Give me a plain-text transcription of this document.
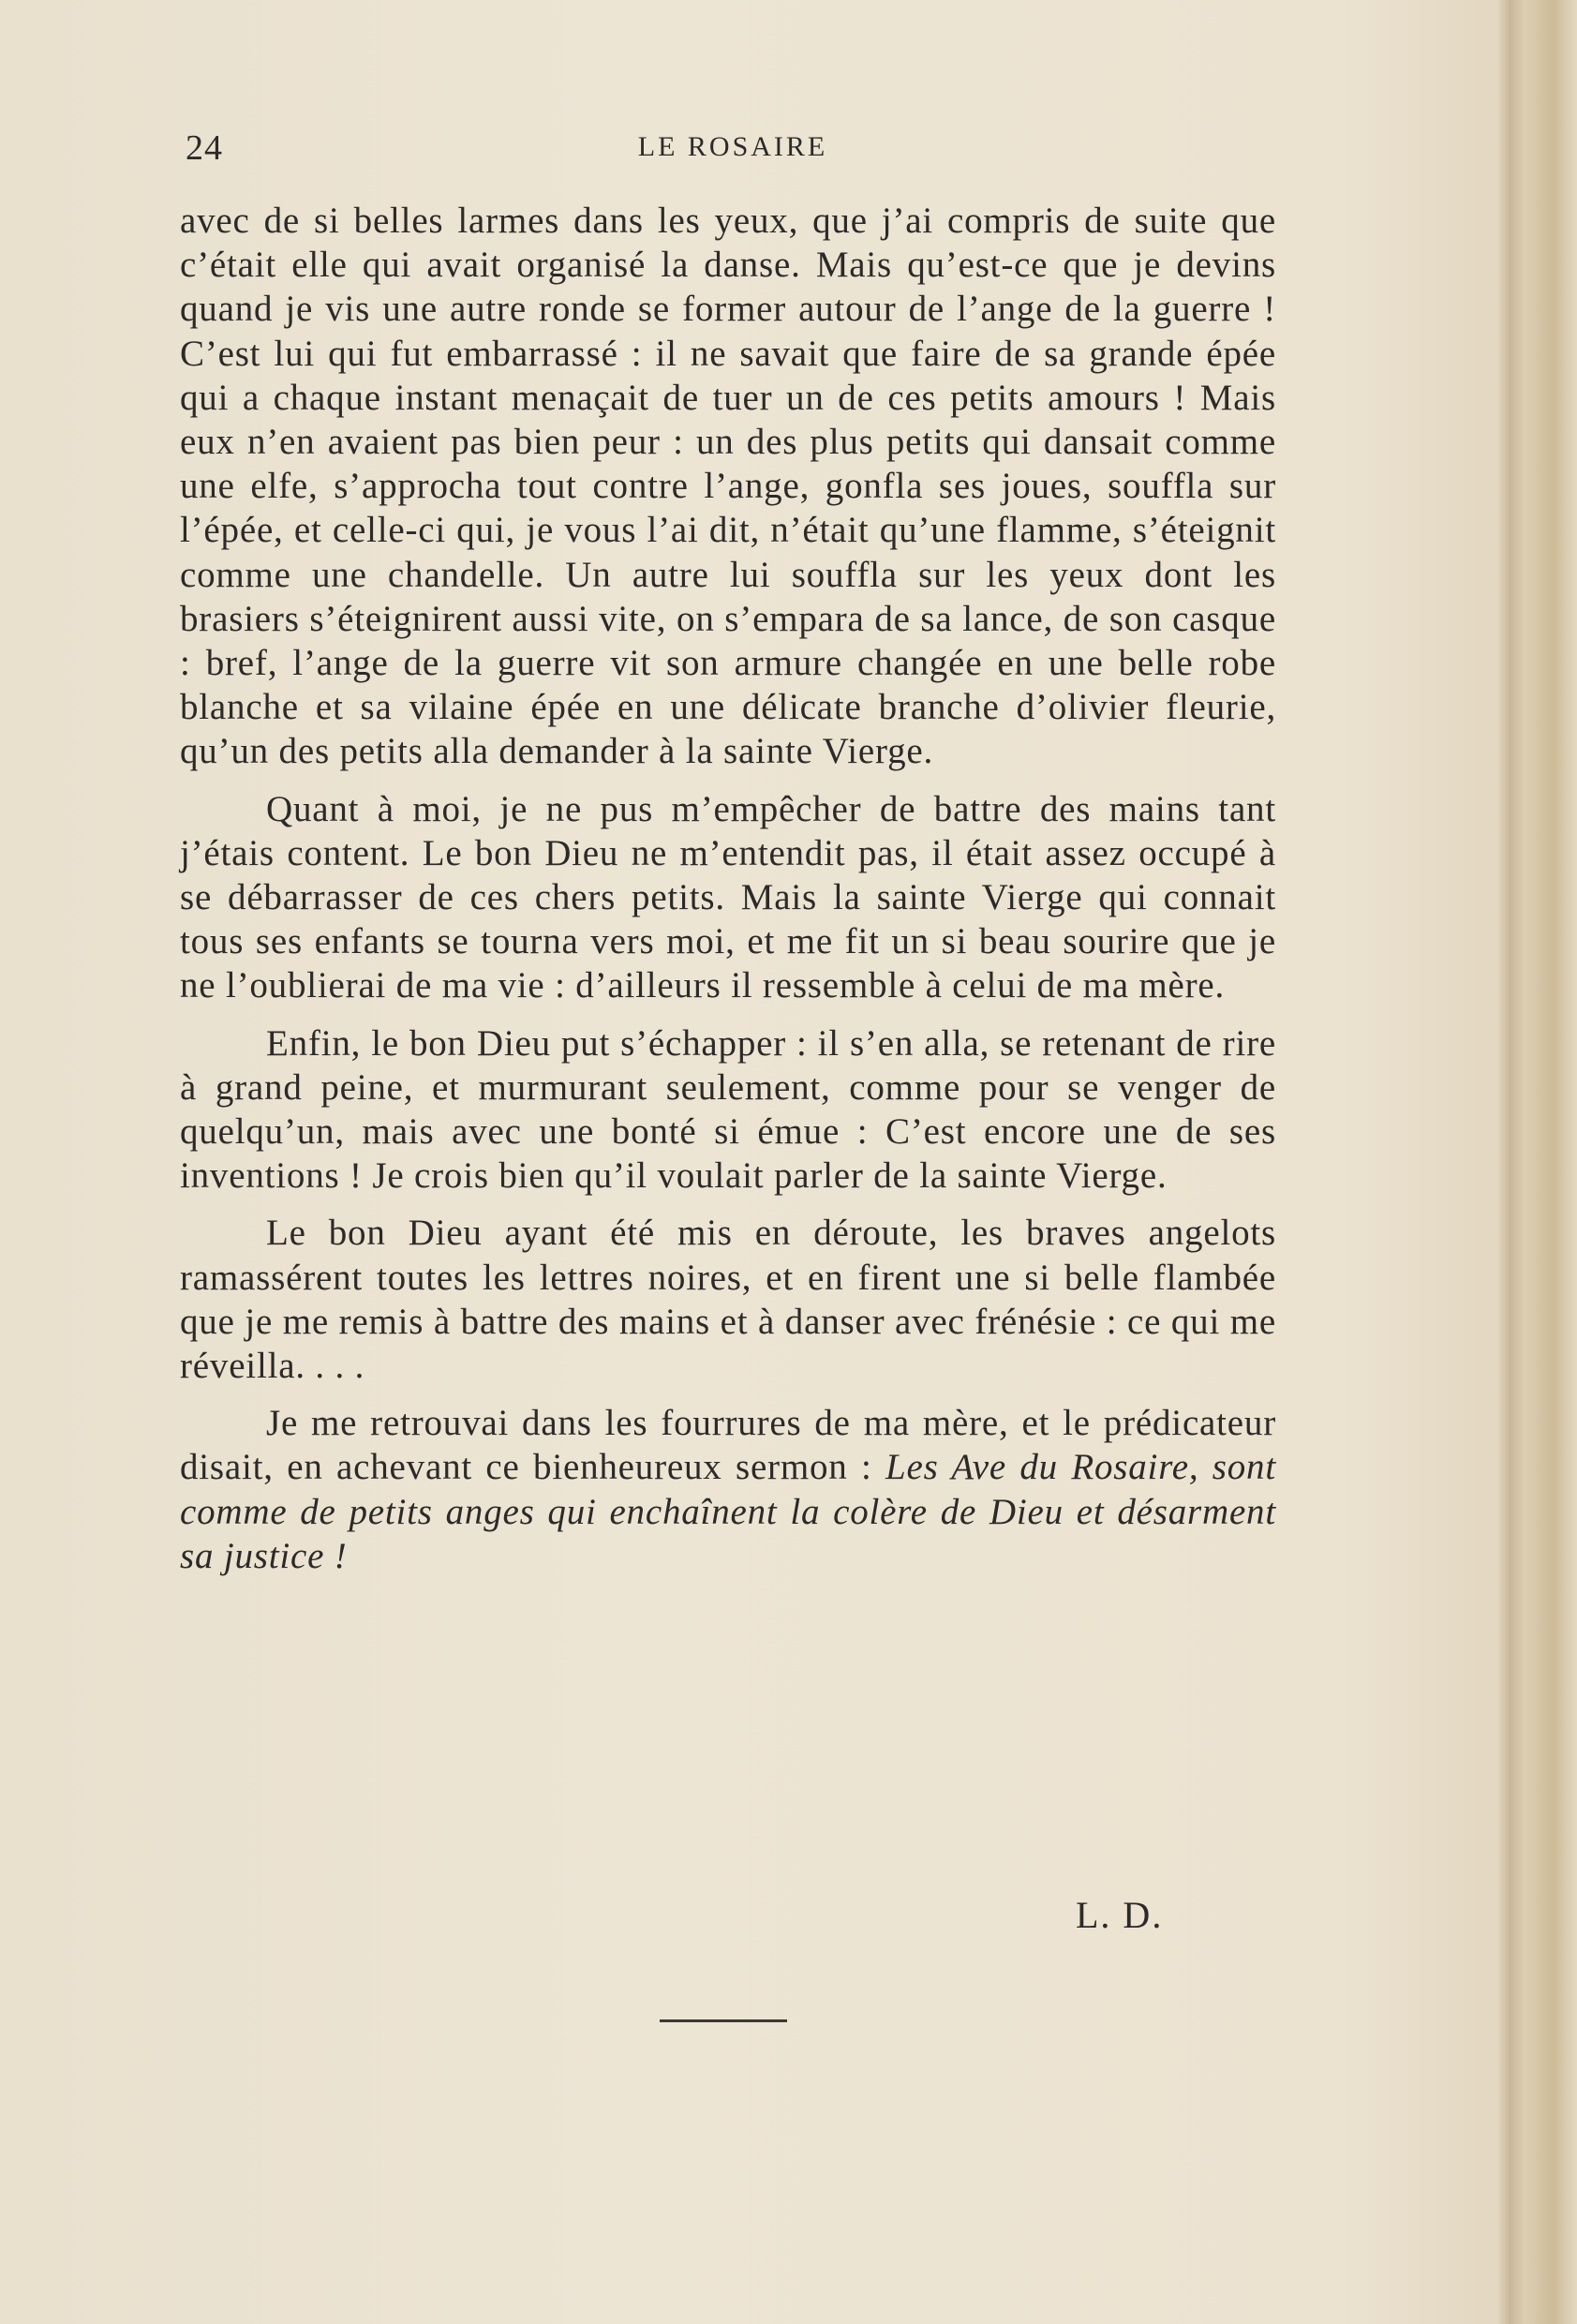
24	LE ROSAIRE

avec de si belles larmes dans les yeux, que j’ai compris de suite que c’était elle qui avait organisé la danse. Mais qu’est-ce que je devins quand je vis une autre ronde se former autour de l’ange de la guerre ! C’est lui qui fut embarrassé : il ne savait que faire de sa grande épée qui a chaque instant menaçait de tuer un de ces petits amours ! Mais eux n’en avaient pas bien peur : un des plus petits qui dansait comme une elfe, s’approcha tout contre l’ange, gonfla ses joues, souffla sur l’épée, et celle-ci qui, je vous l’ai dit, n’était qu’une flamme, s’éteignit comme une chandelle. Un autre lui souffla sur les yeux dont les brasiers s’éteignirent aussi vite, on s’empara de sa lance, de son casque : bref, l’ange de la guerre vit son armure changée en une belle robe blanche et sa vilaine épée en une délicate branche d’olivier fleurie, qu’un des petits alla demander à la sainte Vierge.

Quant à moi, je ne pus m’empêcher de battre des mains tant j’étais content. Le bon Dieu ne m’entendit pas, il était assez occupé à se débarrasser de ces chers petits. Mais la sainte Vierge qui connait tous ses enfants se tourna vers moi, et me fit un si beau sourire que je ne l’oublierai de ma vie : d’ailleurs il ressemble à celui de ma mère.

Enfin, le bon Dieu put s’échapper : il s’en alla, se retenant de rire à grand peine, et murmurant seulement, comme pour se venger de quelqu’un, mais avec une bonté si émue : C’est encore une de ses inventions ! Je crois bien qu’il voulait parler de la sainte Vierge.

Le bon Dieu ayant été mis en déroute, les braves angelots ramassérent toutes les lettres noires, et en firent une si belle flambée que je me remis à battre des mains et à danser avec frénésie : ce qui me réveilla. . . .

Je me retrouvai dans les fourrures de ma mère, et le prédicateur disait, en achevant ce bienheureux sermon : Les Ave du Rosaire, sont comme de petits anges qui enchaînent la colère de Dieu et désarment sa justice !

L. D.
